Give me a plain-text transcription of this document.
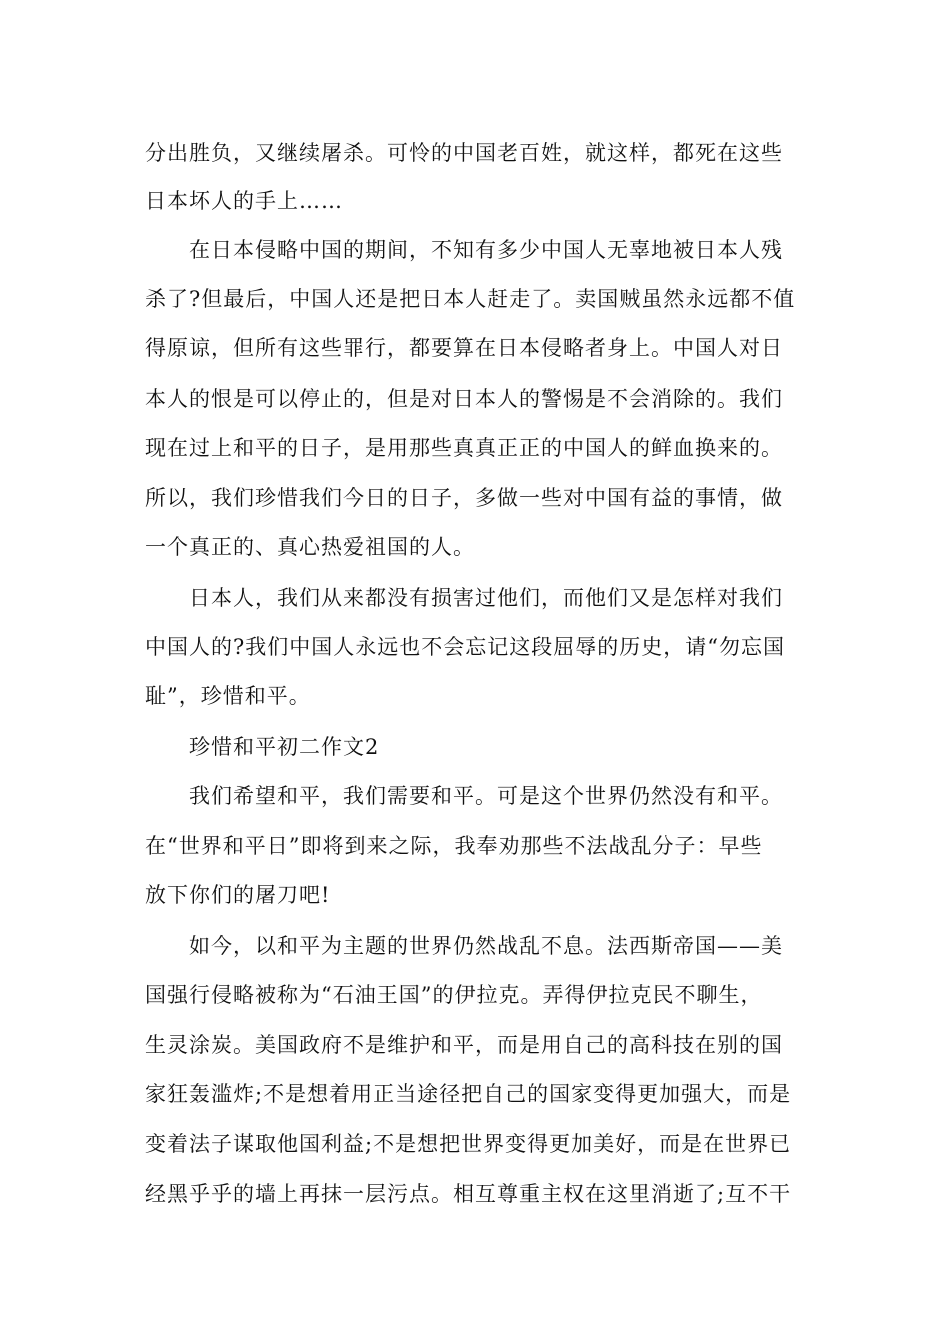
分出胜负，又继续屠杀。可怜的中国老百姓，就这样，都死在这些
日本坏人的手上……
在日本侵略中国的期间，不知有多少中国人无辜地被日本人残
杀了?但最后，中国人还是把日本人赶走了。卖国贼虽然永远都不值
得原谅，但所有这些罪行，都要算在日本侵略者身上。中国人对日
本人的恨是可以停止的，但是对日本人的警惕是不会消除的。我们
现在过上和平的日子，是用那些真真正正的中国人的鲜血换来的。
所以，我们珍惜我们今日的日子，多做一些对中国有益的事情，做
一个真正的、真心热爱祖国的人。
日本人，我们从来都没有损害过他们，而他们又是怎样对我们
中国人的?我们中国人永远也不会忘记这段屈辱的历史，请“勿忘国
耻”，珍惜和平。
珍惜和平初二作文2
我们希望和平，我们需要和平。可是这个世界仍然没有和平。
在“世界和平日”即将到来之际，我奉劝那些不法战乱分子：早些
放下你们的屠刀吧!
如今，以和平为主题的世界仍然战乱不息。法西斯帝国——美
国强行侵略被称为“石油王国”的伊拉克。弄得伊拉克民不聊生，
生灵涂炭。美国政府不是维护和平，而是用自己的高科技在别的国
家狂轰滥炸;不是想着用正当途径把自己的国家变得更加强大，而是
变着法子谋取他国利益;不是想把世界变得更加美好，而是在世界已
经黑乎乎的墙上再抹一层污点。相互尊重主权在这里消逝了;互不干
